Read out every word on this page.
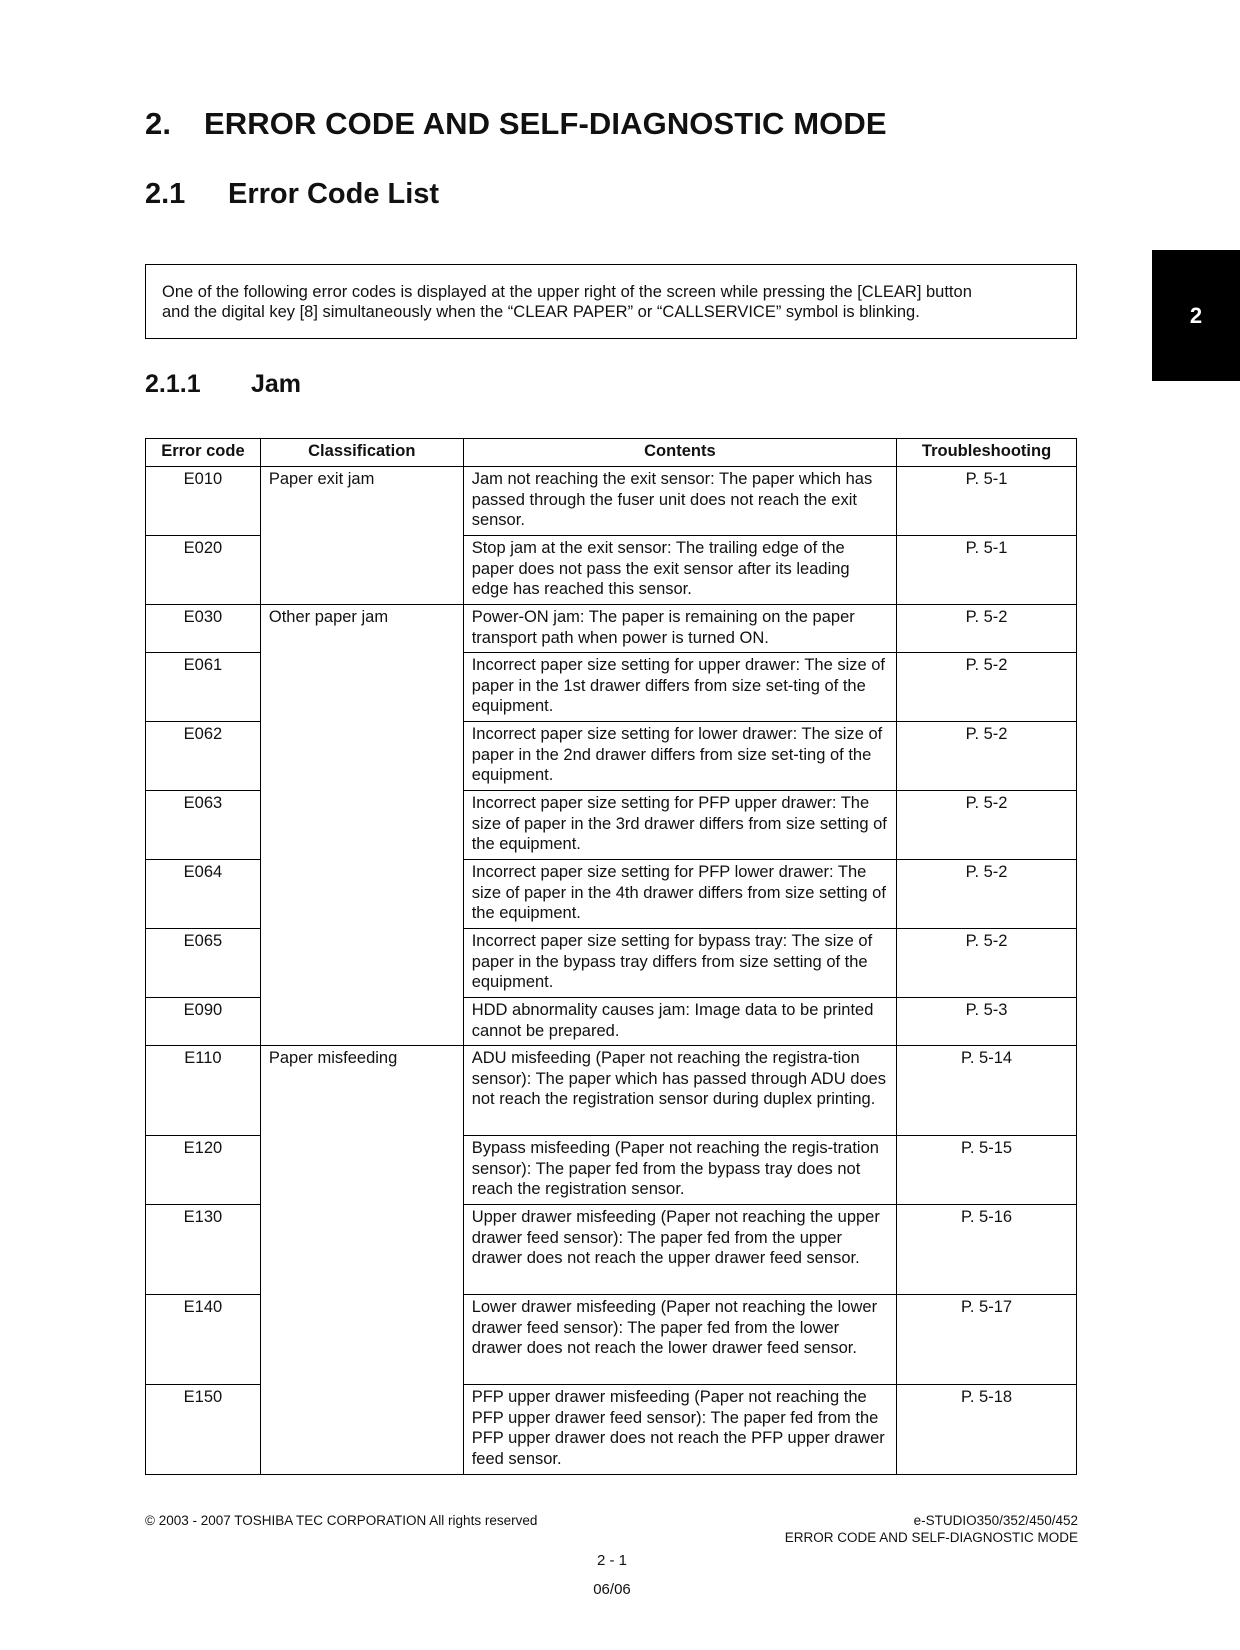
2. ERROR CODE AND SELF-DIAGNOSTIC MODE
2.1 Error Code List
2

One of the following error codes is displayed at the upper right of the screen while pressing the [CLEAR] button

and the digital key [8] simultaneously when the “CLEAR PAPER” or “CALLSERVICE” symbol is blinking.

2.1.1 Jam
Error code	Classification	Contents	Troubleshooting
E010	Paper exit jam	Jam not reaching the exit sensor: The paper which has passed through the fuser unit does not reach the exit sensor.	P. 5-1
E020		Stop jam at the exit sensor: The trailing edge of the paper does not pass the exit sensor after its leading edge has reached this sensor.	P. 5-1
E030	Other paper jam	Power-ON jam: The paper is remaining on the paper transport path when power is turned ON.	P. 5-2
E061		Incorrect paper size setting for upper drawer: The size of paper in the 1st drawer differs from size set-ting of the equipment.	P. 5-2
E062		Incorrect paper size setting for lower drawer: The size of paper in the 2nd drawer differs from size set-ting of the equipment.	P. 5-2
E063		Incorrect paper size setting for PFP upper drawer: The size of paper in the 3rd drawer differs from size setting of the equipment.	P. 5-2
E064		Incorrect paper size setting for PFP lower drawer: The size of paper in the 4th drawer differs from size setting of the equipment.	P. 5-2
E065		Incorrect paper size setting for bypass tray: The size of paper in the bypass tray differs from size setting of the equipment.	P. 5-2
E090		HDD abnormality causes jam: Image data to be printed cannot be prepared.	P. 5-3
E110	Paper misfeeding	ADU misfeeding (Paper not reaching the registra-tion sensor): The paper which has passed through ADU does not reach the registration sensor during duplex printing.	P. 5-14
E120		Bypass misfeeding (Paper not reaching the regis-tration sensor): The paper fed from the bypass tray does not reach the registration sensor.	P. 5-15
E130		Upper drawer misfeeding (Paper not reaching the upper drawer feed sensor): The paper fed from the upper drawer does not reach the upper drawer feed sensor.	P. 5-16
E140		Lower drawer misfeeding (Paper not reaching the lower drawer feed sensor): The paper fed from the lower drawer does not reach the lower drawer feed sensor.	P. 5-17
E150		PFP upper drawer misfeeding (Paper not reaching the PFP upper drawer feed sensor): The paper fed from the PFP upper drawer does not reach the PFP upper drawer feed sensor.	P. 5-18
© 2003 - 2007 TOSHIBA TEC CORPORATION All rights reserved	e-STUDIO350/352/450/452
ERROR CODE AND SELF-DIAGNOSTIC MODE
2 - 1
06/06
